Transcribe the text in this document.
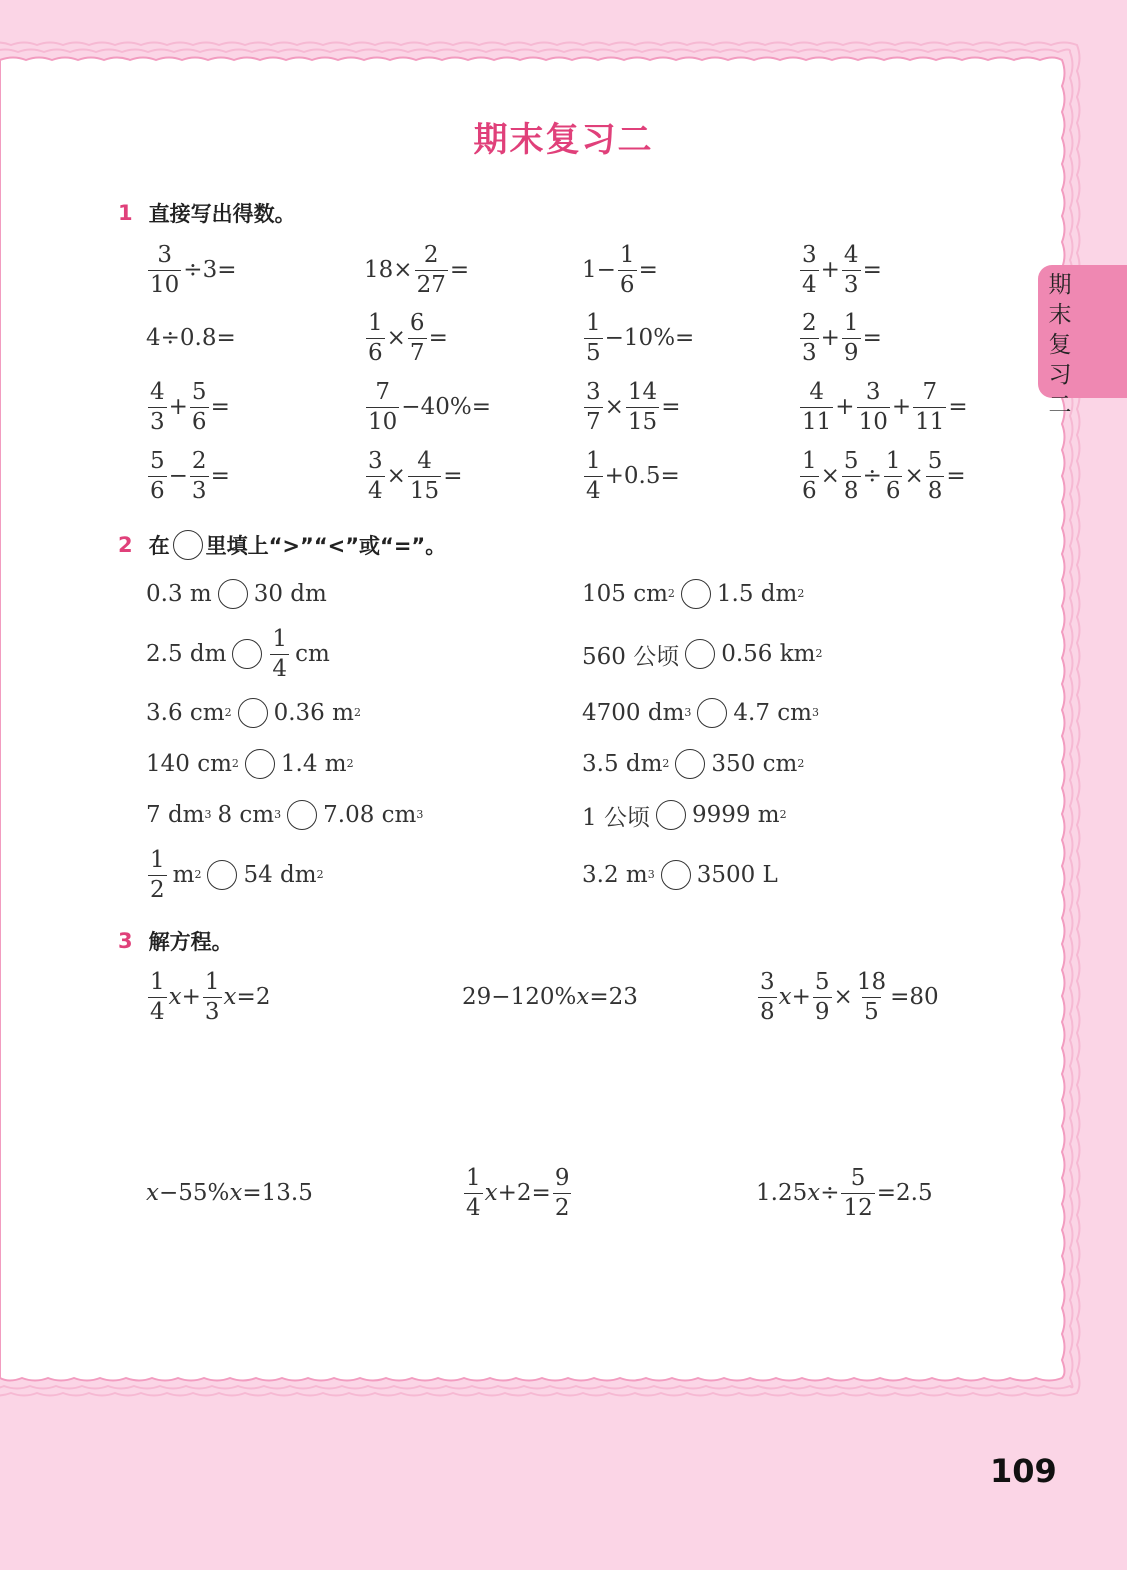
期末复习二
期末复习二
1 直接写出得数。
$\frac{3}{10} \div 3$ =	$18 \times \frac{2}{27}$ =	$1 - \frac{1}{6}$ =	$\frac{3}{4} + \frac{4}{3}$ =
4 ÷ 0.8 =	$\frac{1}{6} \times \frac{6}{7}$ =	$\frac{1}{5} - 10\%$ =	$\frac{2}{3} + \frac{1}{9}$ =
$\frac{4}{3} + \frac{5}{6}$ =	$\frac{7}{10} - 40\%$ =	$\frac{3}{7} \times \frac{14}{15}$ =	$\frac{4}{11} + \frac{3}{10} + \frac{7}{11}$ =
$\frac{5}{6} - \frac{2}{3}$ =	$\frac{3}{4} \times \frac{4}{15}$ =	$\frac{1}{4} + 0.5$ =	$\frac{1}{6} \times \frac{5}{8} \div \frac{1}{6} \times \frac{5}{8}$ =
2 在 里填上“>”“<”或“=”。
0.3 m 30 dm	105 cm 2 1.5 dm 2
2.5 dm $\frac{1}{4}$ cm	560 公顷 0.56 km 2
3.6 cm 2 0.36 m 2	4700 dm 3 4.7 cm 3
140 cm 2 1.4 m 2	3.5 dm 2 350 cm 2
7 dm 3 8 cm 3 7.08 cm 3	1 公顷 9999 m 2
$\frac{1}{2}$ m 2 54 dm 2	3.2 m 3 3500 L
3 解方程。
$\frac{1}{4}$ $x + \frac{1}{3}$ x = 2	29 − 120% x = 23	$\frac{3}{8}$ $x + \frac{5}{9} \times \frac{18}{5} = 80$
x − 55% x = 13.5	$\frac{1}{4}$ $x + 2 = \frac{9}{2}$	1.25 $x \div \frac{5}{12} = 2.5$
109
